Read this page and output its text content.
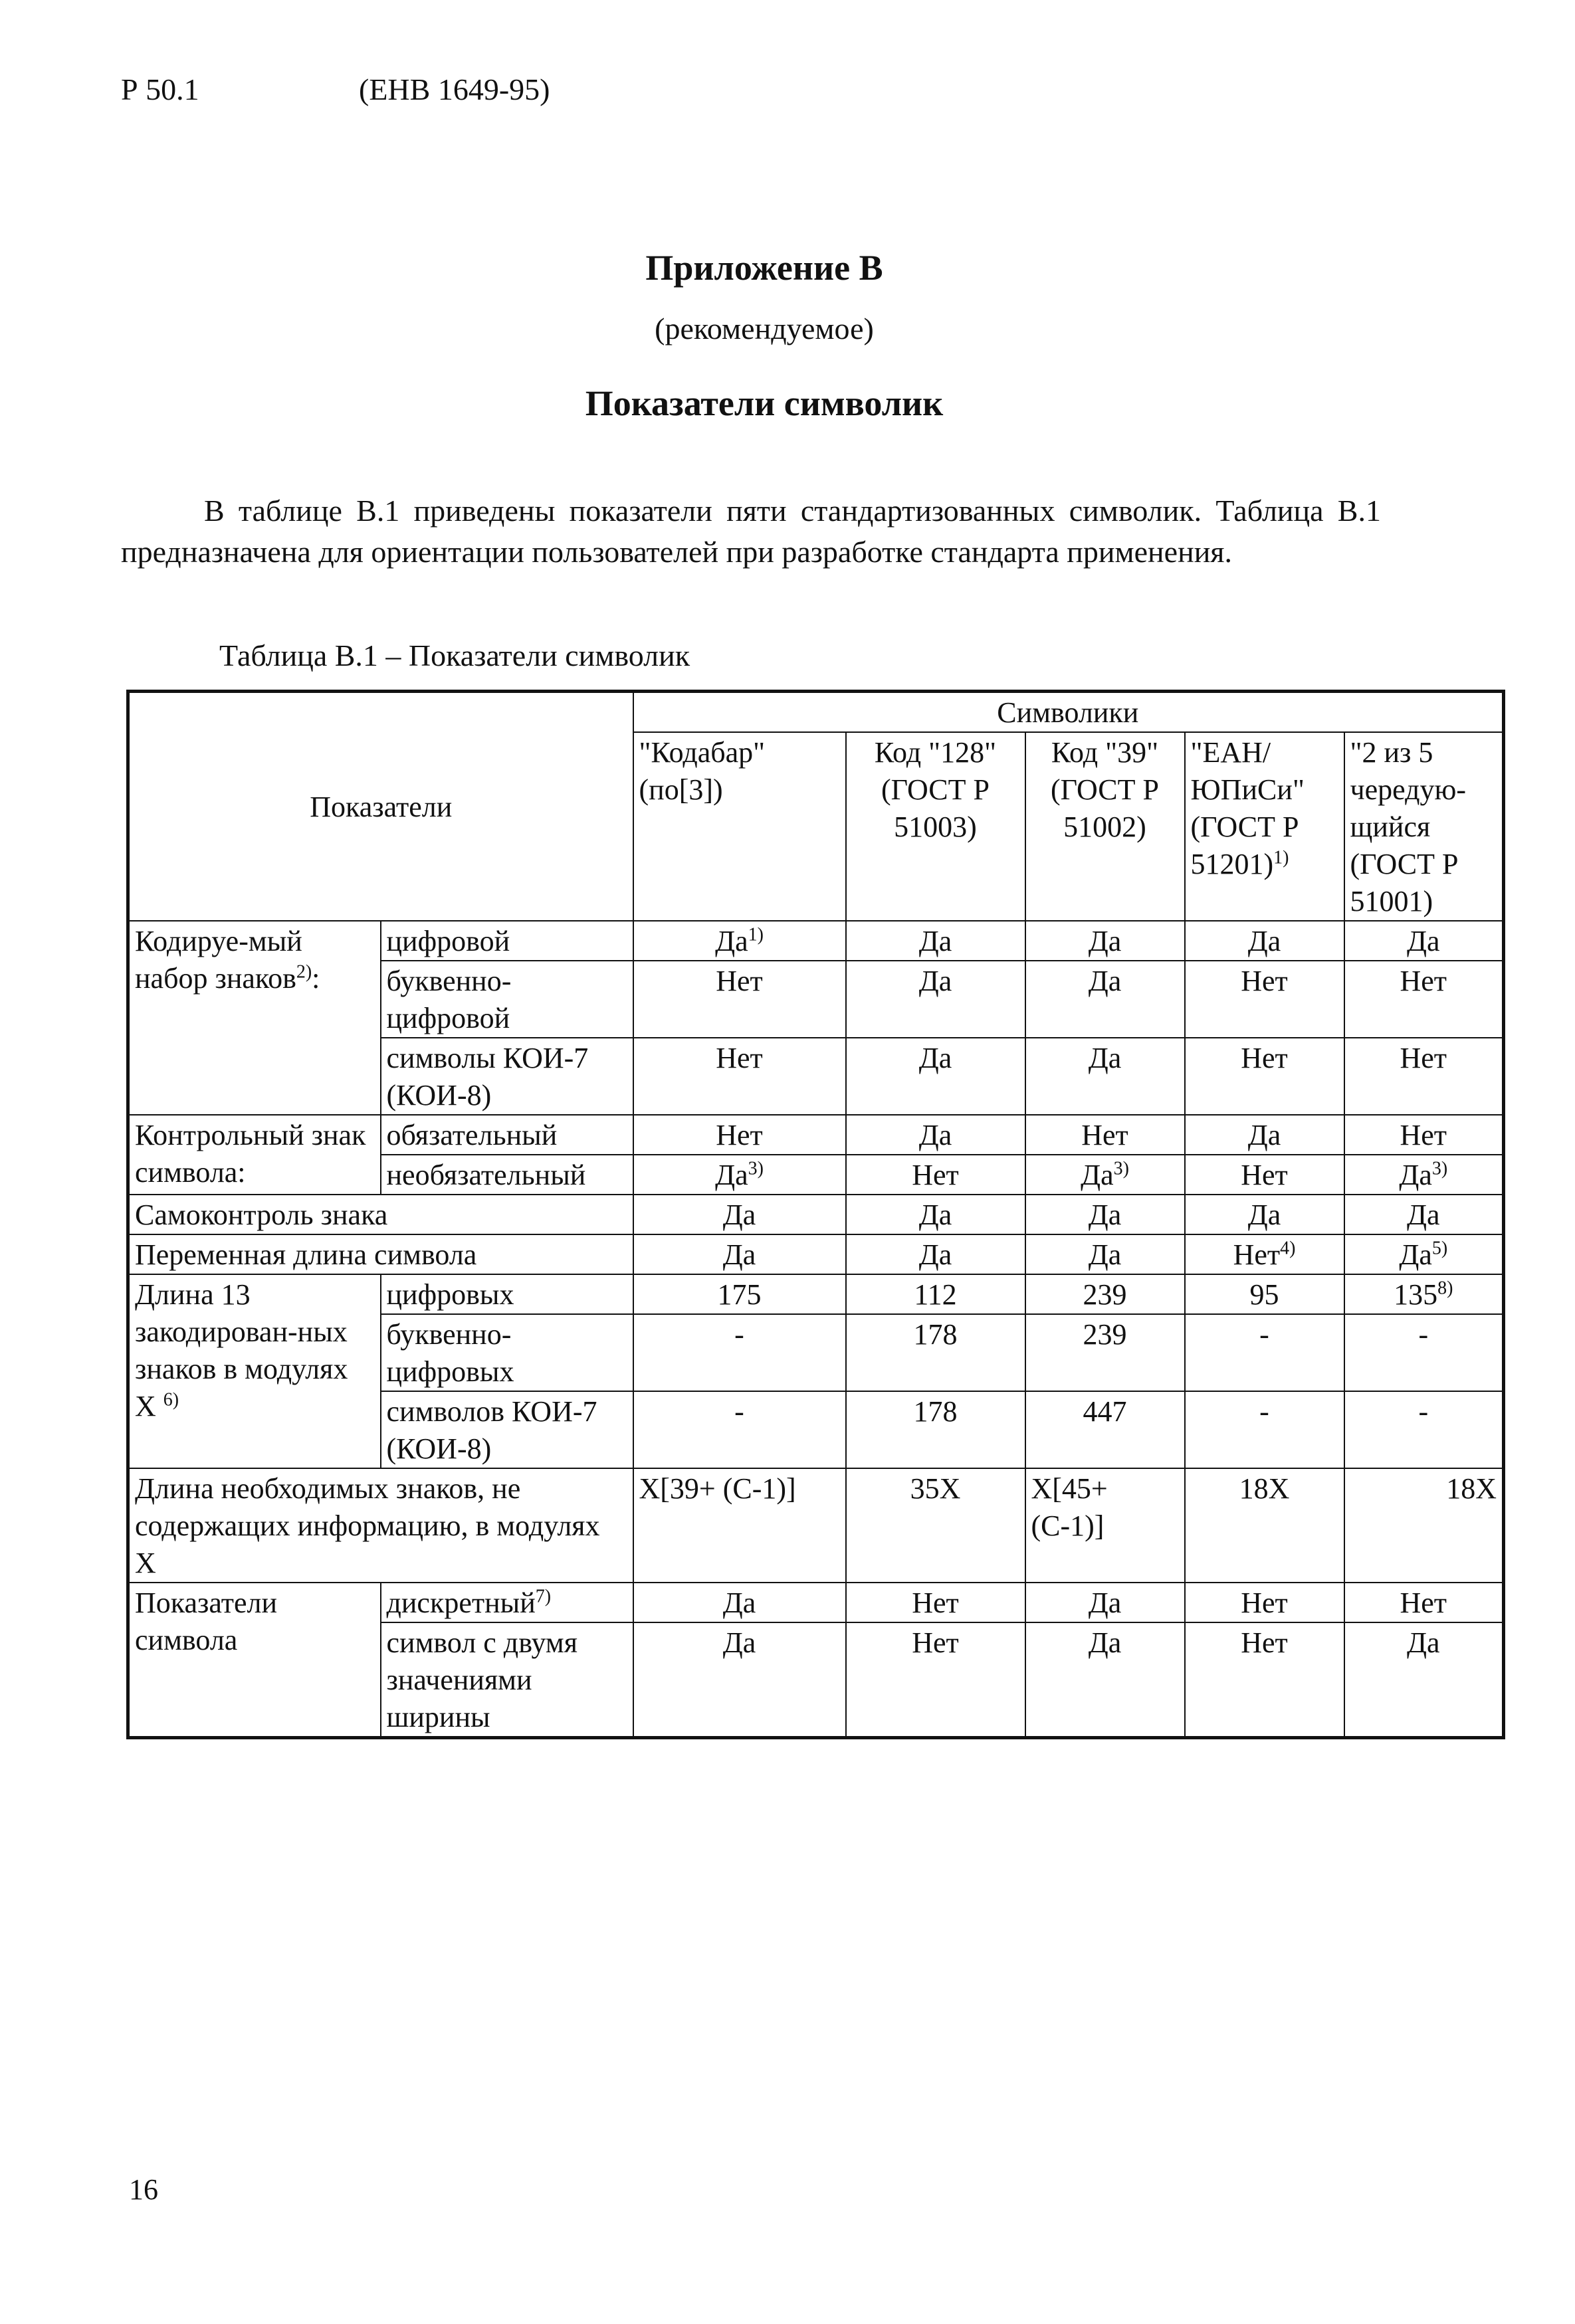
Р 50.1	(ЕНВ 1649-95)
Приложение В
(рекомендуемое)
Показатели символик
В таблице В.1 приведены показатели пяти стандартизованных символик. Таблица В.1 предназначена для ориентации пользователей при разработке стандарта применения.
Таблица В.1 – Показатели символик
Показатели		Символики				
		"Кодабар" (по[3])	Код "128" (ГОСТ Р 51003)	Код "39" (ГОСТ Р 51002)	"ЕАН/ ЮПиСи" (ГОСТ Р 51201)$^{1)}$	"2 из 5 чередую-щийся (ГОСТ Р 51001)
Кодируе-мый набор знаков$^{2)}$:	цифровой	$Да^{1)}$	Да	Да	Да	Да
	буквенно-цифровой	Нет	Да	Да	Нет	Нет
	символы КОИ-7 (КОИ-8)	Нет	Да	Да	Нет	Нет
Контрольный знак символа:	обязательный	Нет	Да	Нет	Да	Нет
	необязательный	$Да^{3)}$	Нет	$Да^{3)}$	Нет	$Да^{3)}$
Самоконтроль знака		Да	Да	Да	Да	Да
Переменная длина символа		Да	Да	Да	Нет$^{4)}$	$Да^{5)}$
Длина 13 закодирован-ных знаков в модулях Х $^{6)}$	цифровых	175	112	239	95	135$^{8)}$
	буквенно-цифровых	-	178	239	-	-
	символов КОИ-7 (КОИ-8)	-	178	447	-	-
Длина необходимых знаков, не содержащих информацию, в модулях Х		Х[39+ (С-1)]	35Х	Х[45+ (С-1)]	18Х	18Х
Показатели символа	дискретный$^{7)}$	Да	Нет	Да	Нет	Нет
	символ с двумя значениями ширины	Да	Нет	Да	Нет	Да
16
